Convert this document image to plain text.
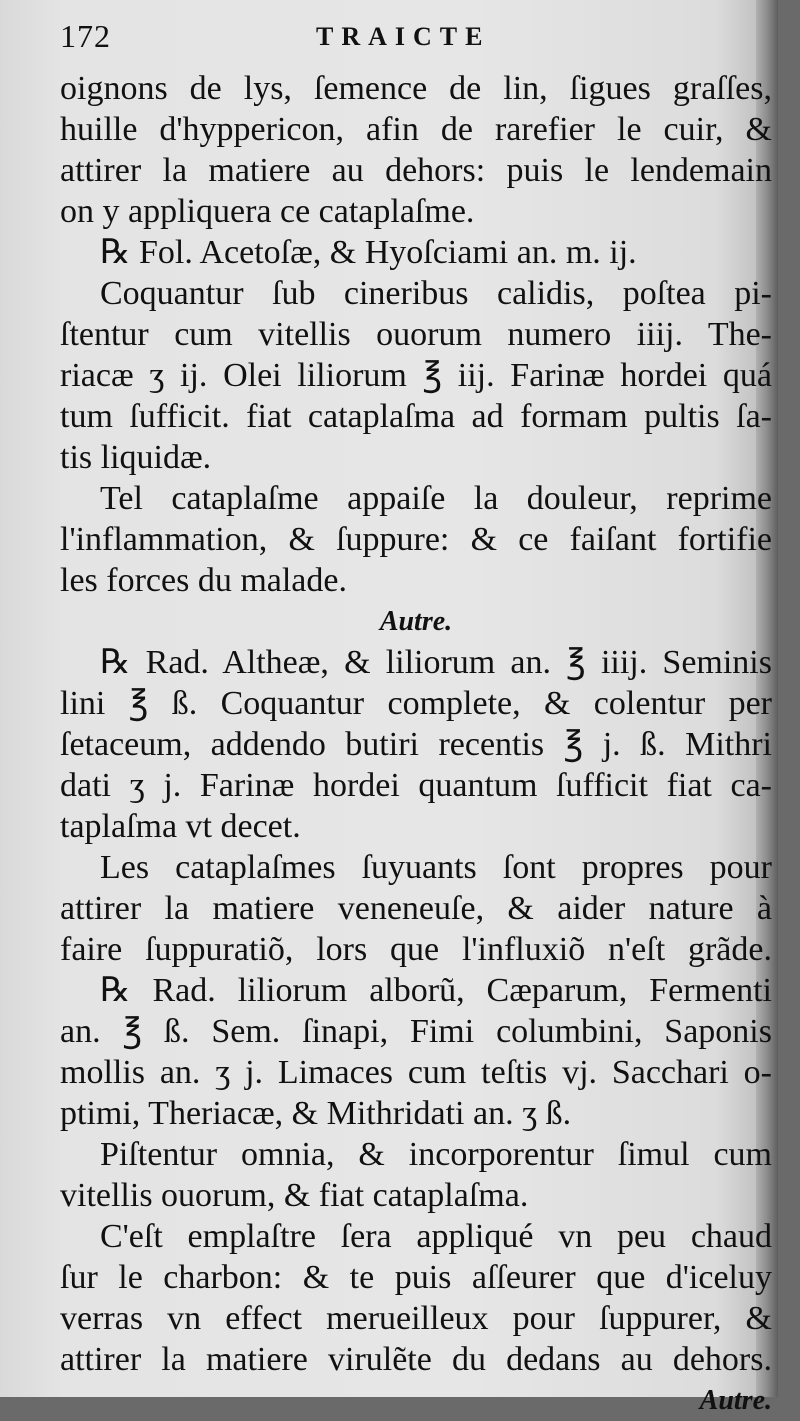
172	TRAICTE
oignons de lys, ſemence de lin, ſigues graſſes,
huille d'hyppericon, afin de rarefier le cuir, &
attirer la matiere au dehors: puis le lendemain
on y appliquera ce cataplaſme.
℞ Fol. Acetoſæ, & Hyoſciami an. m. ij.
Coquantur ſub cineribus calidis, poſtea pi-
ſtentur cum vitellis ouorum numero iiij. The-
riacæ ʒ ij. Olei liliorum ℥ iij. Farinæ hordei quá
tum ſufficit. fiat cataplaſma ad formam pultis ſa-
tis liquidæ.
Tel cataplaſme appaiſe la douleur, reprime
l'inflammation, & ſuppure: & ce faiſant fortifie
les forces du malade.
Autre.
℞ Rad. Altheæ, & liliorum an. ℥ iiij. Seminis
lini ℥ ß. Coquantur complete, & colentur per
ſetaceum, addendo butiri recentis ℥ j. ß. Mithri
dati ʒ j. Farinæ hordei quantum ſufficit fiat ca-
taplaſma vt decet.
Les cataplaſmes ſuyuants ſont propres pour
attirer la matiere veneneuſe, & aider nature à
faire ſuppuratiõ, lors que l'influxiõ n'eſt grãde.
℞ Rad. liliorum alborũ, Cæparum, Fermenti
an. ℥ ß. Sem. ſinapi, Fimi columbini, Saponis
mollis an. ʒ j. Limaces cum teſtis vj. Sacchari o-
ptimi, Theriacæ, & Mithridati an. ʒ ß.
Piſtentur omnia, & incorporentur ſimul cum
vitellis ouorum, & fiat cataplaſma.
C'eſt emplaſtre ſera appliqué vn peu chaud
ſur le charbon: & te puis aſſeurer que d'iceluy
verras vn effect merueilleux pour ſuppurer, &
attirer la matiere virulẽte du dedans au dehors.
Autre.
